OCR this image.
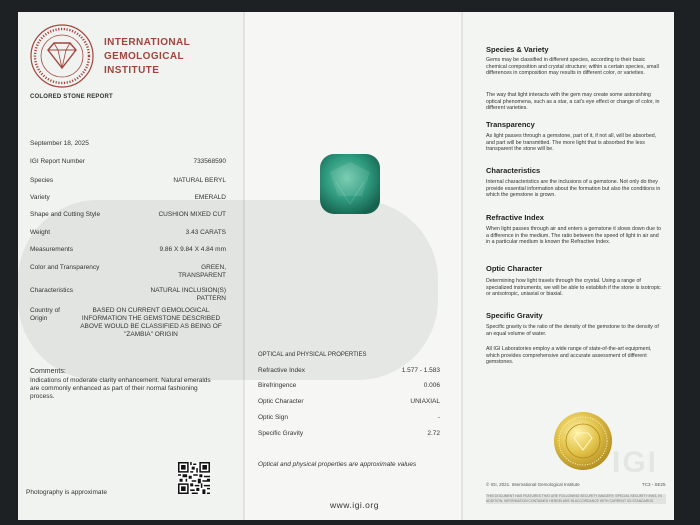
INTERNATIONAL
GEMOLOGICAL
INSTITUTE
COLORED STONE REPORT
September 18, 2025
IGI Report Number	733568590
Species	NATURAL BERYL
Variety	EMERALD
Shape and Cutting Style	CUSHION MIXED CUT
Weight	3.43 CARATS
Measurements	9.86 X 9.84 X 4.84 mm
Color and Transparency	GREEN, TRANSPARENT
Characteristics	NATURAL INCLUSION(S) PATTERN
Country of Origin
BASED ON CURRENT GEMOLOGICAL INFORMATION THE GEMSTONE DESCRIBED ABOVE WOULD BE CLASSIFIED AS BEING OF "ZAMBIA" ORIGIN
Comments:
Indications of moderate clarity enhancement. Natural emeralds are commonly enhanced as part of their normal fashioning process.
Photography is approximate
OPTICAL and PHYSICAL PROPERTIES
Refractive Index	1.577 - 1.583
Birefringence	0.006
Optic Character	UNIAXIAL
Optic Sign	-
Specific Gravity	2.72
Optical and physical properties are approximate values
www.igi.org
Species & Variety
Gems may be classified in different species, according to their basic chemical composition and crystal structure; within a certain species, small differences in composition may results in different color, or varieties.
The way that light interacts with the gem may create some astonishing optical phenomena, such as a star, a cat's eye effect or change of color, in different varieties.
Transparency
As light passes through a gemstone, part of it, if not all, will be absorbed, and part will be transmitted. The more light that is absorbed the less transparent the stone will be.
Characteristics
Internal characteristics are the inclusions of a gemstone. Not only do they provide essential information about the formation but also the conditions in which the gemstone is grown.
Refractive Index
When light passes through air and enters a gemstone it slows down due to a difference in the medium. The ratio between the speed of light in air and in a particular medium is known the Refractive Index.
Optic Character
Determining how light travels through the crystal. Using a range of specialized instruments, we will be able to establish if the stone is isotropic or anisotropic, uniaxial or biaxial.
Specific Gravity
Specific gravity is the ratio of the density of the gemstone to the density of an equal volume of water.
All IGI Laboratories employ a wide range of state-of-the-art equipment, which provides comprehensive and accurate assessment of different gemstones.
IGI
© IGI, 2021. International Gemological Institute	TC3 - SE25
THIS DOCUMENT HAS FEATURES THAT ARE FOLLOWING SECURITY IMAGERY, SPECIAL SECURITY INKS, IN ADDITION, INFORMATION CONTAINED HEREIN ARE IN ACCORDANCE WITH CURRENT IGI STANDARDS.
